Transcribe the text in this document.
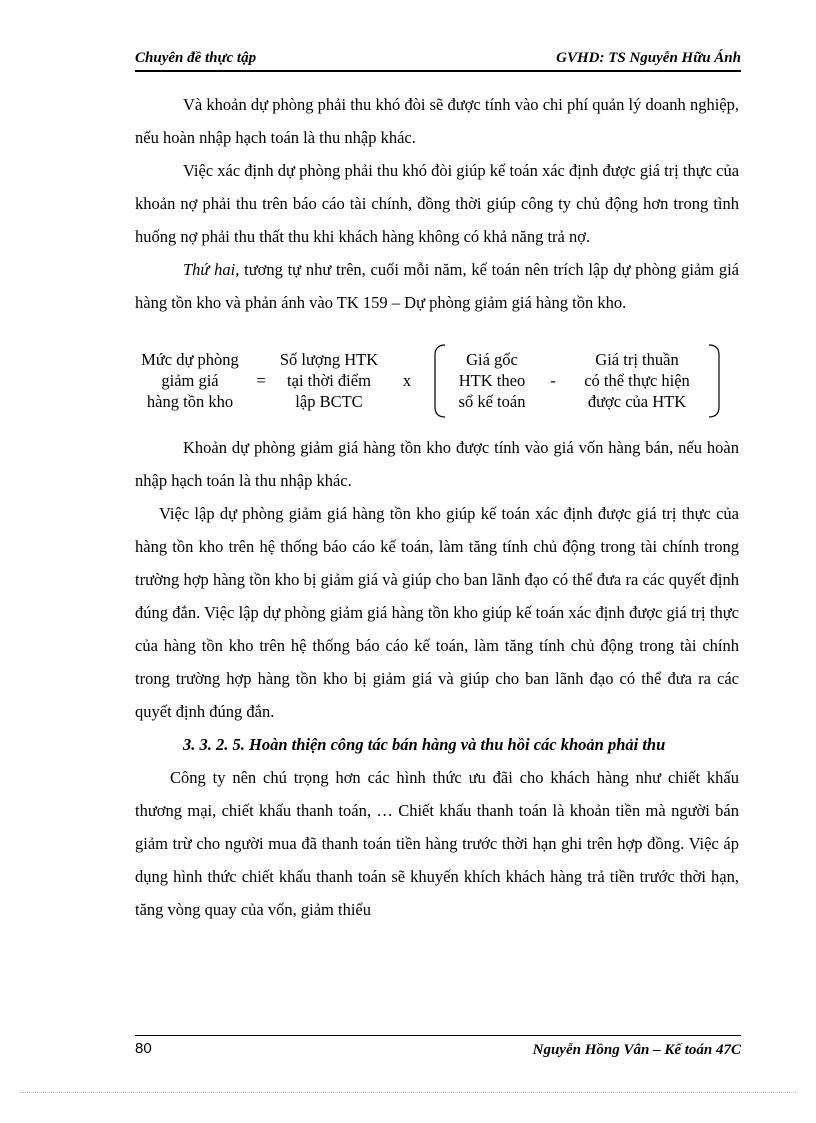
Chuyên đề thực tập	GVHD: TS Nguyễn Hữu Ánh

Và khoản dự phòng phải thu khó đòi sẽ được tính vào chi phí quản lý doanh nghiệp, nếu hoàn nhập hạch toán là thu nhập khác.

Việc xác định dự phòng phải thu khó đòi giúp kế toán xác định được giá trị thực của khoản nợ phải thu trên báo cáo tài chính, đồng thời giúp công ty chủ động hơn trong tình huống nợ phải thu thất thu khi khách hàng không có khả năng trả nợ.

Thứ hai, tương tự như trên, cuối mỗi năm, kế toán nên trích lập dự phòng giảm giá hàng tồn kho và phản ánh vào TK 159 – Dự phòng giảm giá hàng tồn kho.

Mức dự phòng
giảm giá
hàng tồn kho
=
Số lượng HTK
tại thời điểm
lập BCTC
x
Giá gốc
HTK theo
sổ kế toán
-
Giá trị thuần
có thể thực hiện
được của HTK

Khoản dự phòng giảm giá hàng tồn kho được tính vào giá vốn hàng bán, nếu hoàn nhập hạch toán là thu nhập khác.

Việc lập dự phòng giảm giá hàng tồn kho giúp kế toán xác định được giá trị thực của hàng tồn kho trên hệ thống báo cáo kế toán, làm tăng tính chủ động trong tài chính trong trường hợp hàng tồn kho bị giảm giá và giúp cho ban lãnh đạo có thể đưa ra các quyết định đúng đắn. Việc lập dự phòng giảm giá hàng tồn kho giúp kế toán xác định được giá trị thực của hàng tồn kho trên hệ thống báo cáo kế toán, làm tăng tính chủ động trong tài chính trong trường hợp hàng tồn kho bị giảm giá và giúp cho ban lãnh đạo có thể đưa ra các quyết định đúng đắn.

3. 3. 2. 5. Hoàn thiện công tác bán hàng và thu hồi các khoản phải thu

Công ty nên chú trọng hơn các hình thức ưu đãi cho khách hàng như chiết khấu thương mại, chiết khấu thanh toán, … Chiết khấu thanh toán là khoản tiền mà người bán giảm trừ cho người mua đã thanh toán tiền hàng trước thời hạn ghi trên hợp đồng. Việc áp dụng hình thức chiết khấu thanh toán sẽ khuyến khích khách hàng trả tiền trước thời hạn, tăng vòng quay của vốn, giảm thiểu

80	Nguyễn Hồng Vân – Kế toán 47C
